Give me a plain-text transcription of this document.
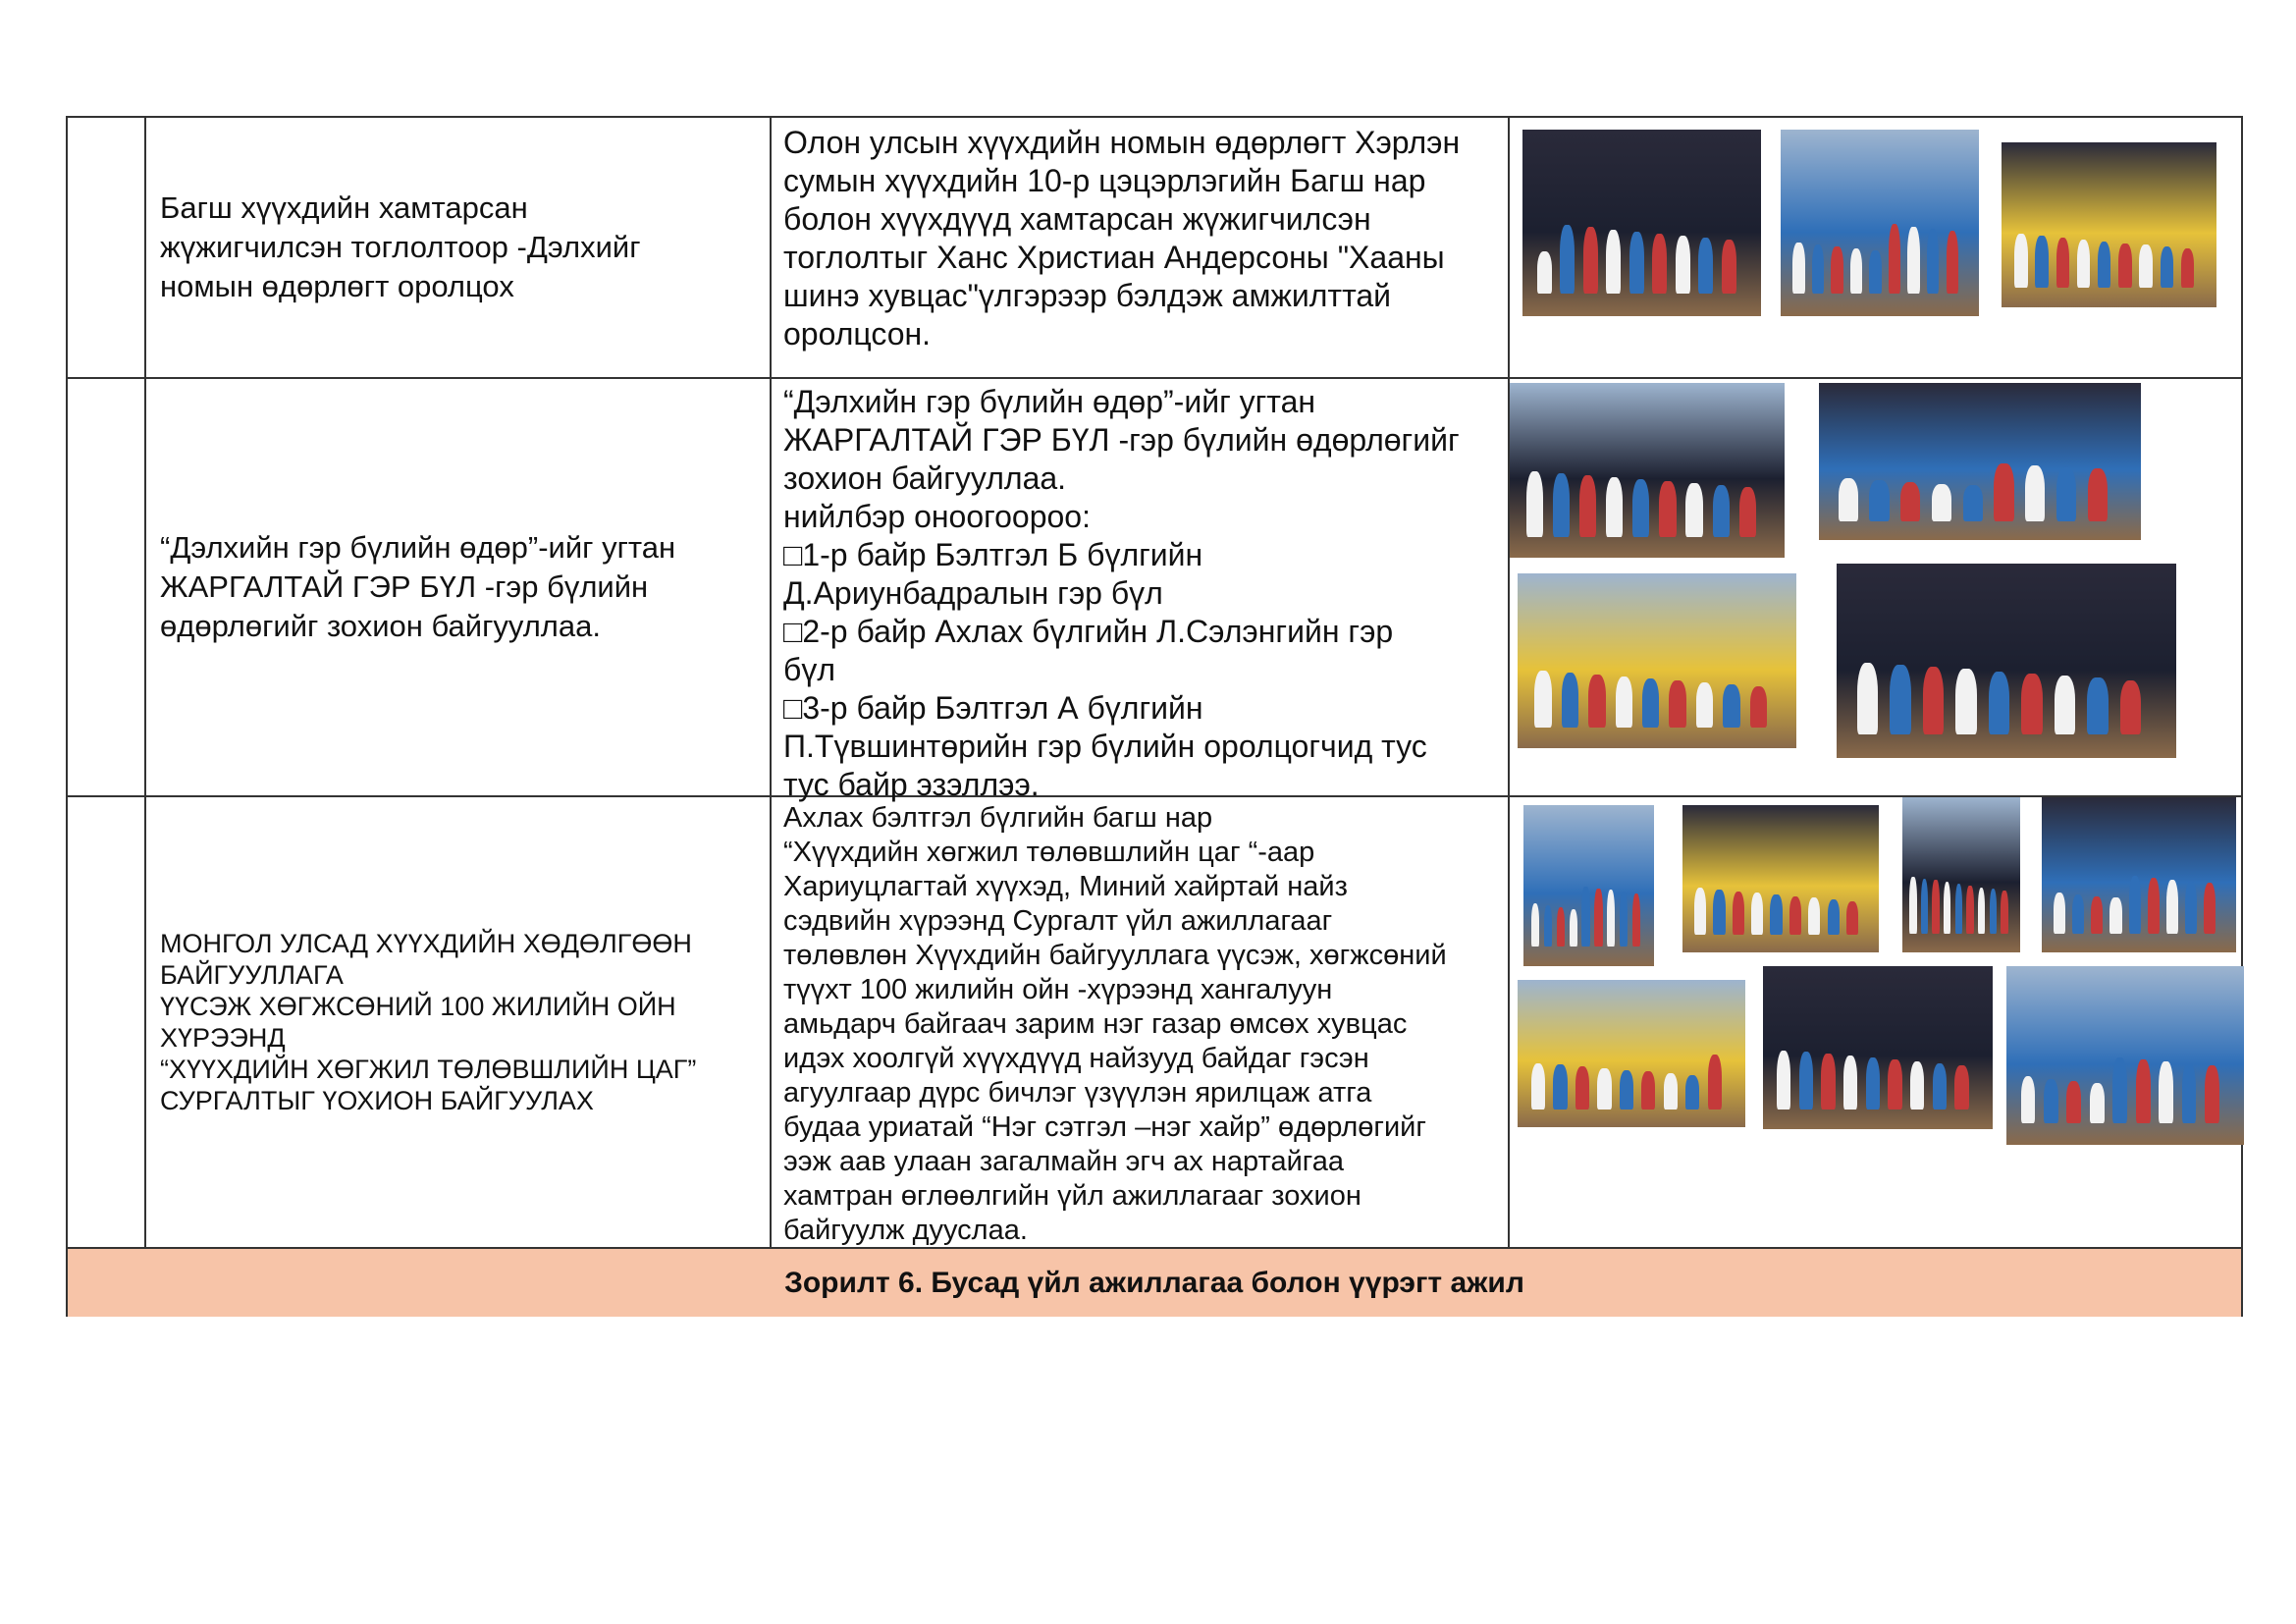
Багш хүүхдийн хамтарсан
жүжигчилсэн тоглолтоор -Дэлхийг
номын өдөрлөгт оролцох
Олон улсын хүүхдийн номын өдөрлөгт Хэрлэн
сумын хүүхдийн 10-р цэцэрлэгийн Багш нар
болон хүүхдүүд хамтарсан жүжигчилсэн
тоглолтыг Ханс Христиан Андерсоны "Хааны
шинэ хувцас"үлгэрээр бэлдэж амжилттай
оролцсон.
“Дэлхийн гэр бүлийн өдөр”-ийг угтан
ЖАРГАЛТАЙ ГЭР БҮЛ -гэр бүлийн
өдөрлөгийг зохион байгууллаа.
“Дэлхийн гэр бүлийн өдөр”-ийг угтан
ЖАРГАЛТАЙ ГЭР БҮЛ -гэр бүлийн өдөрлөгийг
зохион байгууллаа.
нийлбэр оноогоороо:
□1-р байр Бэлтгэл Б бүлгийн
Д.Ариунбадралын гэр бүл
□2-р байр Ахлах бүлгийн Л.Сэлэнгийн гэр
бүл
□3-р байр Бэлтгэл А бүлгийн
П.Түвшинтөрийн гэр бүлийн оролцогчид тус
тус байр эзэллээ.
МОНГОЛ УЛСАД ХҮҮХДИЙН ХӨДӨЛГӨӨН
БАЙГУУЛЛАГА
ҮҮСЭЖ ХӨГЖСӨНИЙ 100 ЖИЛИЙН ОЙН
ХҮРЭЭНД
“ХҮҮХДИЙН ХӨГЖИЛ ТӨЛӨВШЛИЙН ЦАГ”
СУРГАЛТЫГ ҮОХИОН БАЙГУУЛАХ
Ахлах бэлтгэл бүлгийн багш нар
“Хүүхдийн хөгжил төлөвшлийн цаг “-аар
Хариуцлагтай хүүхэд, Миний хайртай найз
сэдвийн хүрээнд Сургалт үйл ажиллагааг
төлөвлөн Хүүхдийн байгууллага үүсэж, хөгжсөний
түүхт 100 жилийн ойн -хүрээнд хангалуун
амьдарч байгаач зарим нэг газар өмсөх хувцас
идэх хоолгүй хүүхдүүд найзууд байдаг гэсэн
агуулгаар дүрс бичлэг үзүүлэн ярилцаж атга
будаа уриатай “Нэг сэтгэл –нэг хайр” өдөрлөгийг
ээж аав улаан загалмайн эгч ах нартайгаа
хамтран өглөөлгийн үйл ажиллагааг зохион
байгуулж дууслаа.
Зорилт 6. Бусад үйл ажиллагаа болон үүрэгт ажил
